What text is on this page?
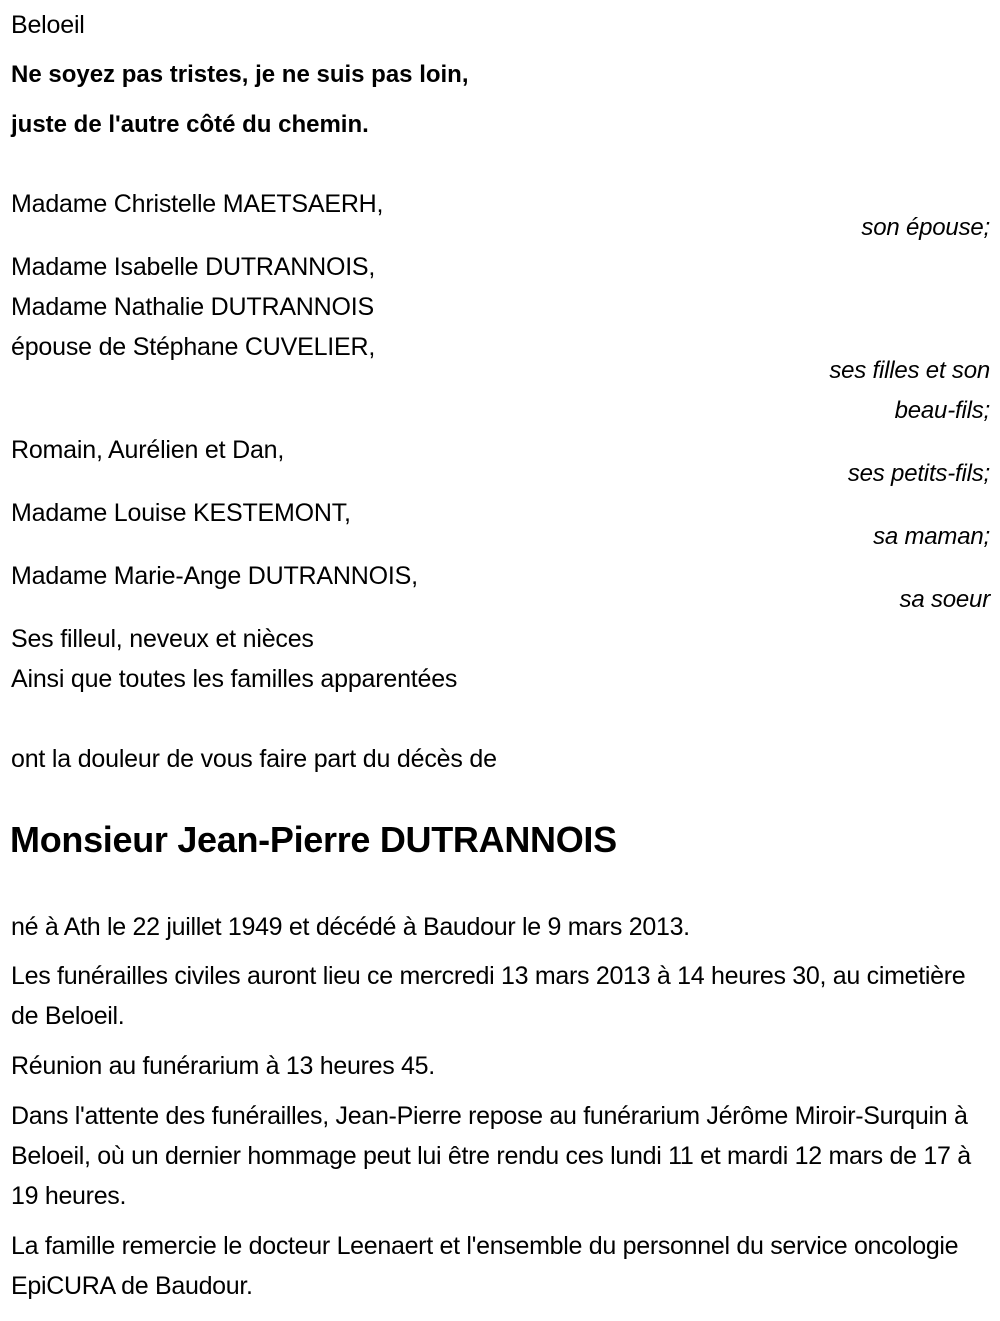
Beloeil
Ne soyez pas tristes, je ne suis pas loin,
juste de l'autre côté du chemin.
Madame Christelle MAETSAERH,
son épouse;
Madame Isabelle DUTRANNOIS,
Madame Nathalie DUTRANNOIS
épouse de Stéphane CUVELIER,
ses filles et son
beau-fils;
Romain, Aurélien et Dan,
ses petits-fils;
Madame Louise KESTEMONT,
sa maman;
Madame Marie-Ange DUTRANNOIS,
sa soeur
Ses filleul, neveux et nièces
Ainsi que toutes les familles apparentées
ont la douleur de vous faire part du décès de
Monsieur Jean-Pierre DUTRANNOIS
né à Ath le 22 juillet 1949 et décédé à Baudour le 9 mars 2013.
Les funérailles civiles auront lieu ce mercredi 13 mars 2013 à 14 heures 30, au cimetière de Beloeil.
Réunion au funérarium à 13 heures 45.
Dans l'attente des funérailles, Jean-Pierre repose au funérarium Jérôme Miroir-Surquin à Beloeil, où un dernier hommage peut lui être rendu ces lundi 11 et mardi 12 mars de 17 à 19 heures.
La famille remercie le docteur Leenaert et l'ensemble du personnel du service oncologie EpiCURA de Baudour.
